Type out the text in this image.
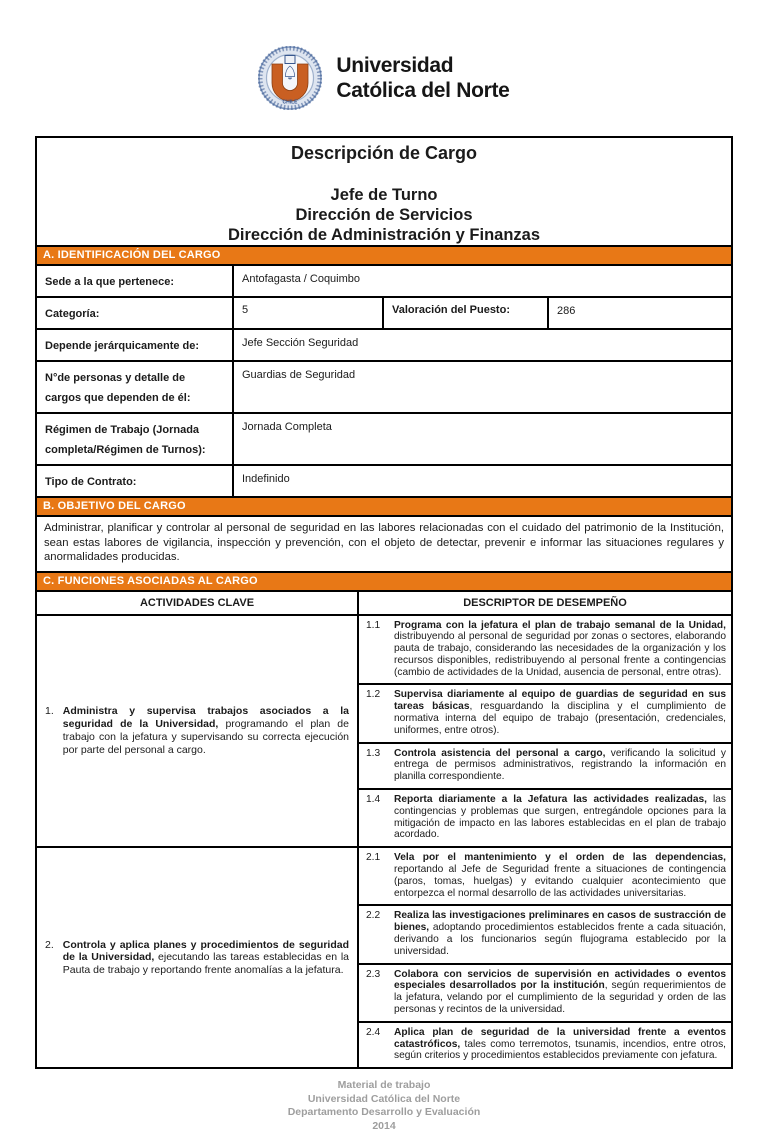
CHILE
Universidad
Católica del Norte
Descripción de Cargo
Jefe de Turno
Dirección de Servicios
Dirección de Administración y Finanzas
A. IDENTIFICACIÓN DEL CARGO
Sede a la que pertenece:	Antofagasta / Coquimbo
Categoría:	5	Valoración del Puesto:	286
Depende jerárquicamente de:	Jefe Sección Seguridad
N°de personas y detalle de cargos que dependen de él:
Guardias de Seguridad
Régimen de Trabajo (Jornada completa/Régimen de Turnos):
Jornada Completa
Tipo de Contrato:	Indefinido
B. OBJETIVO DEL CARGO
Administrar, planificar y controlar al personal de seguridad en las labores relacionadas con el cuidado del patrimonio de la Institución, sean estas labores de vigilancia, inspección y prevención, con el objeto de detectar, prevenir e informar las situaciones regulares y anormalidades producidas.
C. FUNCIONES ASOCIADAS AL CARGO
ACTIVIDADES CLAVE	DESCRIPTOR DE DESEMPEÑO
1. Administra y supervisa trabajos asociados a la seguridad de la Universidad, programando el plan de trabajo con la jefatura y supervisando su correcta ejecución por parte del personal a cargo.
1.1	Programa con la jefatura el plan de trabajo semanal de la Unidad, distribuyendo al personal de seguridad por zonas o sectores, elaborando pauta de trabajo, considerando las necesidades de la organización y los recursos disponibles, redistribuyendo al personal frente a contingencias (cambio de actividades de la Unidad, ausencia de personal, entre otras).
1.2	Supervisa diariamente al equipo de guardias de seguridad en sus tareas básicas, resguardando la disciplina y el cumplimiento de normativa interna del equipo de trabajo (presentación, credenciales, uniformes, entre otros).
1.3	Controla asistencia del personal a cargo, verificando la solicitud y entrega de permisos administrativos, registrando la información en planilla correspondiente.
1.4	Reporta diariamente a la Jefatura las actividades realizadas, las contingencias y problemas que surgen, entregándole opciones para la mitigación de impacto en las labores establecidas en el plan de trabajo acordado.
2. Controla y aplica planes y procedimientos de seguridad de la Universidad, ejecutando las tareas establecidas en la Pauta de trabajo y reportando frente anomalías a la jefatura.
2.1	Vela por el mantenimiento y el orden de las dependencias, reportando al Jefe de Seguridad frente a situaciones de contingencia (paros, tomas, huelgas) y evitando cualquier acontecimiento que entorpezca el normal desarrollo de las actividades universitarias.
2.2	Realiza las investigaciones preliminares en casos de sustracción de bienes, adoptando procedimientos establecidos frente a cada situación, derivando a los funcionarios según flujograma establecido por la universidad.
2.3	Colabora con servicios de supervisión en actividades o eventos especiales desarrollados por la institución, según requerimientos de la jefatura, velando por el cumplimiento de la seguridad y orden de las personas y recintos de la universidad.
2.4	Aplica plan de seguridad de la universidad frente a eventos catastróficos, tales como terremotos, tsunamis, incendios, entre otros, según criterios y procedimientos establecidos previamente con jefatura.
Material de trabajo
Universidad Católica del Norte
Departamento Desarrollo y Evaluación
2014
